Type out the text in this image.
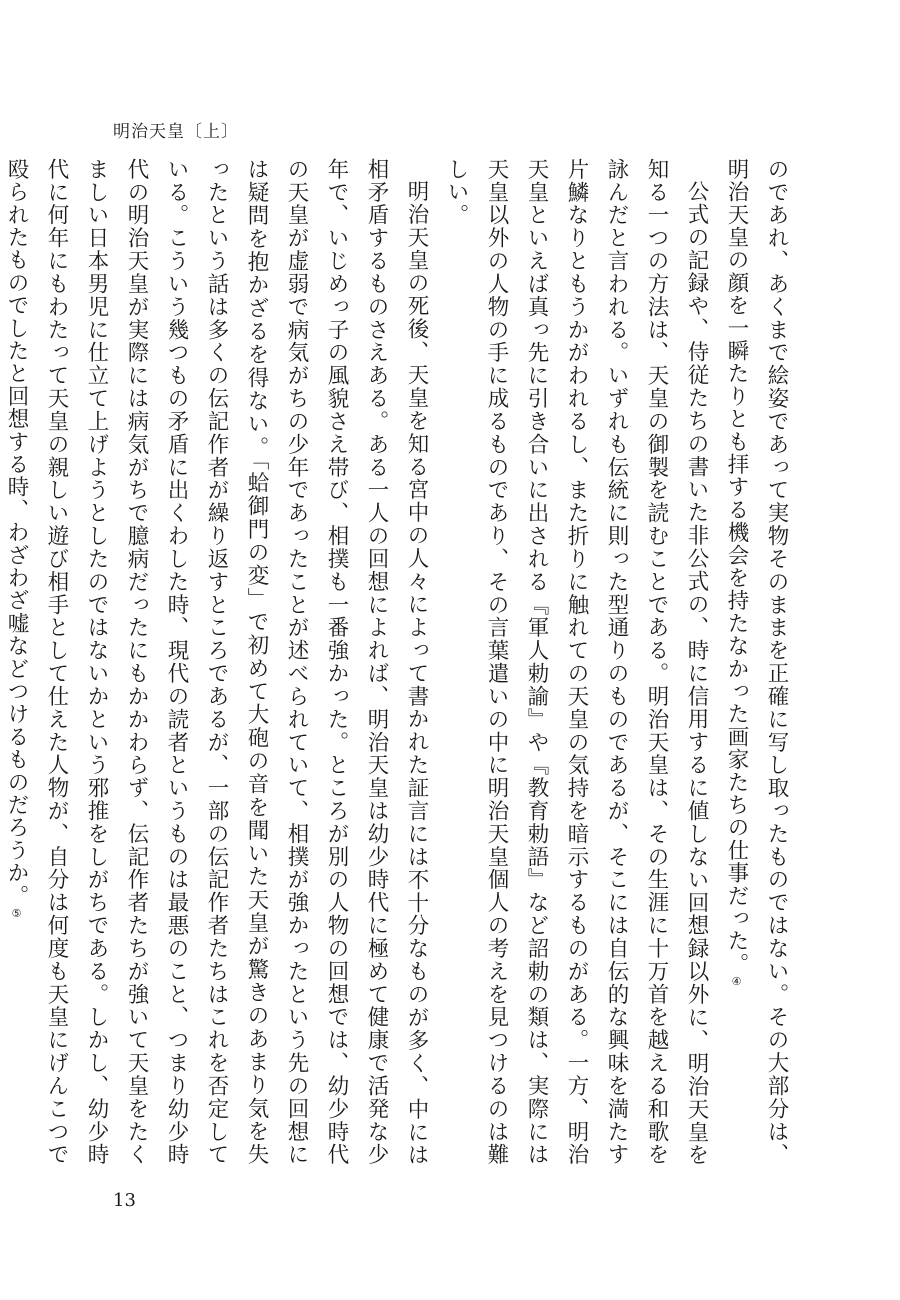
明治天皇〔上〕

のであれ、あくまで絵姿であって実物そのままを正確に写し取ったものではない。その大部分は、明治天皇の顔を一瞬たりとも拝する機会を持たなかった画家たちの仕事だった。④

公式の記録や、侍従たちの書いた非公式の、時に信用するに値しない回想録以外に、明治天皇を知る一つの方法は、天皇の御製を読むことである。明治天皇は、その生涯に十万首を越える和歌を詠んだと言われる。いずれも伝統に則った型通りのものであるが、そこには自伝的な興味を満たす片鱗なりともうかがわれるし、また折りに触れての天皇の気持を暗示するものがある。一方、明治天皇といえば真っ先に引き合いに出される『軍人勅諭』や『教育勅語』など詔勅の類は、実際には天皇以外の人物の手に成るものであり、その言葉遣いの中に明治天皇個人の考えを見つけるのは難しい。

明治天皇の死後、天皇を知る宮中の人々によって書かれた証言には不十分なものが多く、中には相矛盾するものさえある。ある一人の回想によれば、明治天皇は幼少時代に極めて健康で活発な少年で、いじめっ子の風貌さえ帯び、相撲も一番強かった。ところが別の人物の回想では、幼少時代の天皇が虚弱で病気がちの少年であったことが述べられていて、相撲が強かったという先の回想には疑問を抱かざるを得ない。「蛤御門の変」で初めて大砲の音を聞いた天皇が驚きのあまり気を失ったという話は多くの伝記作者が繰り返すところであるが、一部の伝記作者たちはこれを否定している。こういう幾つもの矛盾に出くわした時、現代の読者というものは最悪のこと、つまり幼少時代の明治天皇が実際には病気がちで臆病だったにもかかわらず、伝記作者たちが強いて天皇をたくましい日本男児に仕立て上げようとしたのではないかという邪推をしがちである。しかし、幼少時代に何年にもわたって天皇の親しい遊び相手として仕えた人物が、自分は何度も天皇にげんこつで殴られたものでしたと回想する時、わざわざ嘘などつけるものだろうか。⑤

13
